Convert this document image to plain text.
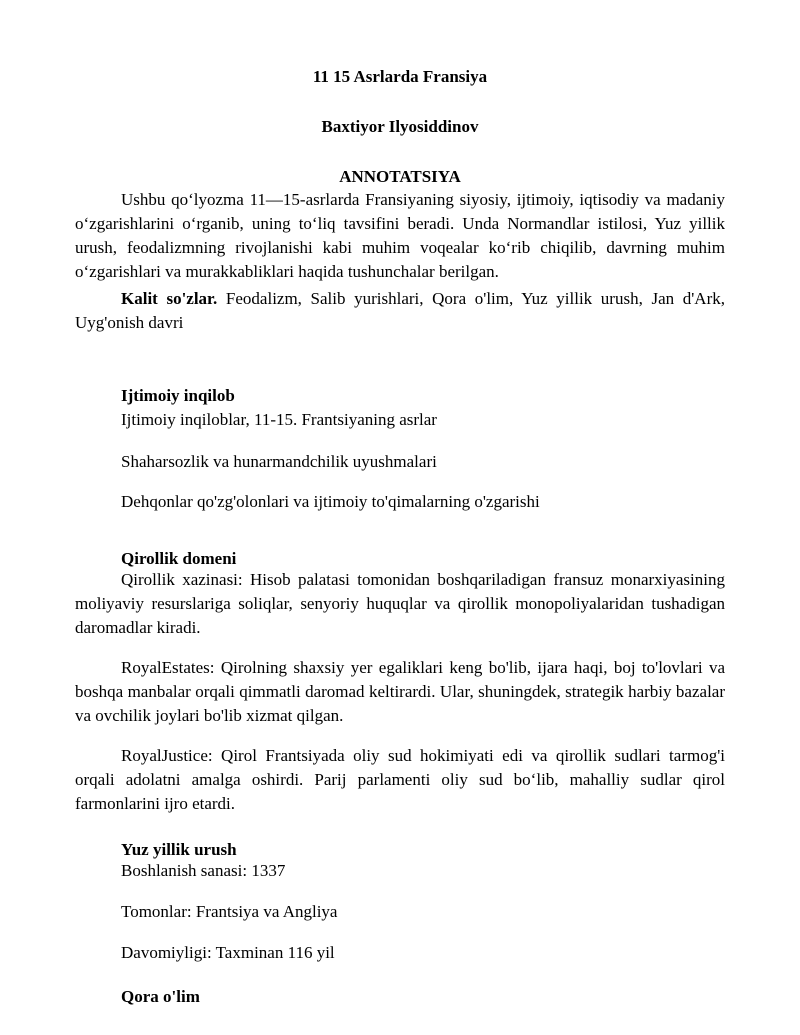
11 15 Asrlarda Fransiya
Baxtiyor Ilyosiddinov
ANNOTATSIYA
Ushbu qo‘lyozma 11—15-asrlarda Fransiyaning siyosiy, ijtimoiy, iqtisodiy va madaniy o‘zgarishlarini o‘rganib, uning to‘liq tavsifini beradi. Unda Normandlar istilosi, Yuz yillik urush, feodalizmning rivojlanishi kabi muhim voqealar ko‘rib chiqilib, davrning muhim o‘zgarishlari va murakkabliklari haqida tushunchalar berilgan.
Kalit so'zlar. Feodalizm, Salib yurishlari, Qora o'lim, Yuz yillik urush, Jan d'Ark, Uyg'onish davri
Ijtimoiy inqilob
Ijtimoiy inqiloblar, 11-15. Frantsiyaning asrlar
Shaharsozlik va hunarmandchilik uyushmalari
Dehqonlar qo'zg'olonlari va ijtimoiy to'qimalarning o'zgarishi
Qirollik domeni
Qirollik xazinasi: Hisob palatasi tomonidan boshqariladigan fransuz monarxiyasining moliyaviy resurslariga soliqlar, senyoriy huquqlar va qirollik monopoliyalaridan tushadigan daromadlar kiradi.
RoyalEstates: Qirolning shaxsiy yer egaliklari keng bo'lib, ijara haqi, boj to'lovlari va boshqa manbalar orqali qimmatli daromad keltirardi. Ular, shuningdek, strategik harbiy bazalar va ovchilik joylari bo'lib xizmat qilgan.
RoyalJustice: Qirol Frantsiyada oliy sud hokimiyati edi va qirollik sudlari tarmog'i orqali adolatni amalga oshirdi. Parij parlamenti oliy sud bo‘lib, mahalliy sudlar qirol farmonlarini ijro etardi.
Yuz yillik urush
Boshlanish sanasi: 1337
Tomonlar: Frantsiya va Angliya
Davomiyligi: Taxminan 116 yil
Qora o'lim
